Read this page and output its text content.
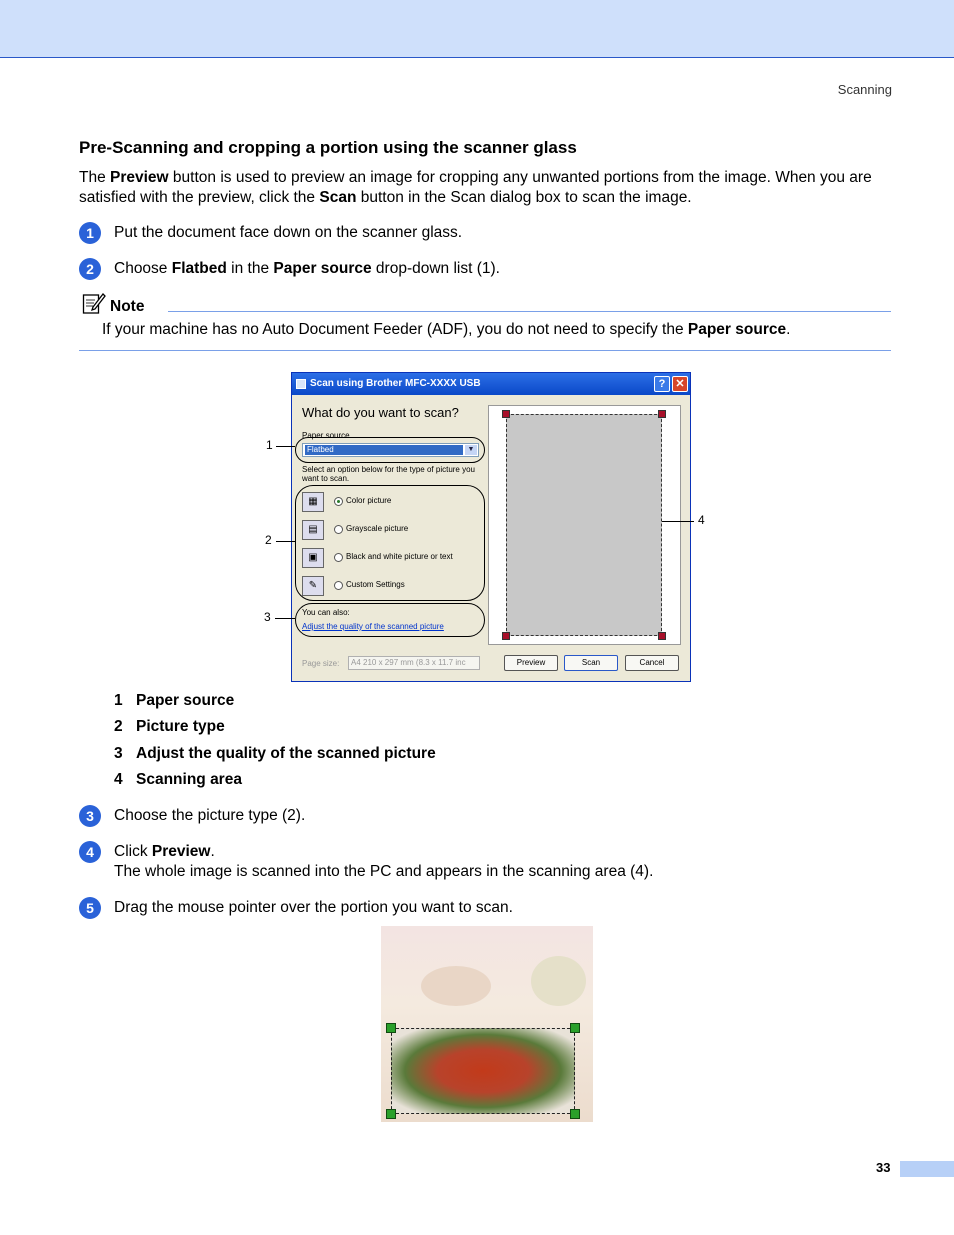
Scanning
Pre-Scanning and cropping a portion using the scanner glass
The Preview button is used to preview an image for cropping any unwanted portions from the image. When you are satisfied with the preview, click the Scan button in the Scan dialog box to scan the image.
1	Put the document face down on the scanner glass.
2	Choose Flatbed in the Paper source drop-down list (1).
Note
If your machine has no Auto Document Feeder (ADF), you do not need to specify the Paper source.
Scan using Brother MFC-XXXX USB	? ✕
What do you want to scan?
Paper source
Flatbed	▼
Select an option below for the type of picture you want to scan.
▦	Color picture
▤	Grayscale picture
▣	Black and white picture or text
✎	Custom Settings
You can also:
Adjust the quality of the scanned picture
Page size:	A4 210 x 297 mm (8.3 x 11.7 inc	Preview	Scan	Cancel
1
2
3
4
1 Paper source
2 Picture type
3 Adjust the quality of the scanned picture
4 Scanning area
3	Choose the picture type (2).
4	Click Preview.
The whole image is scanned into the PC and appears in the scanning area (4).
5	Drag the mouse pointer over the portion you want to scan.
33
